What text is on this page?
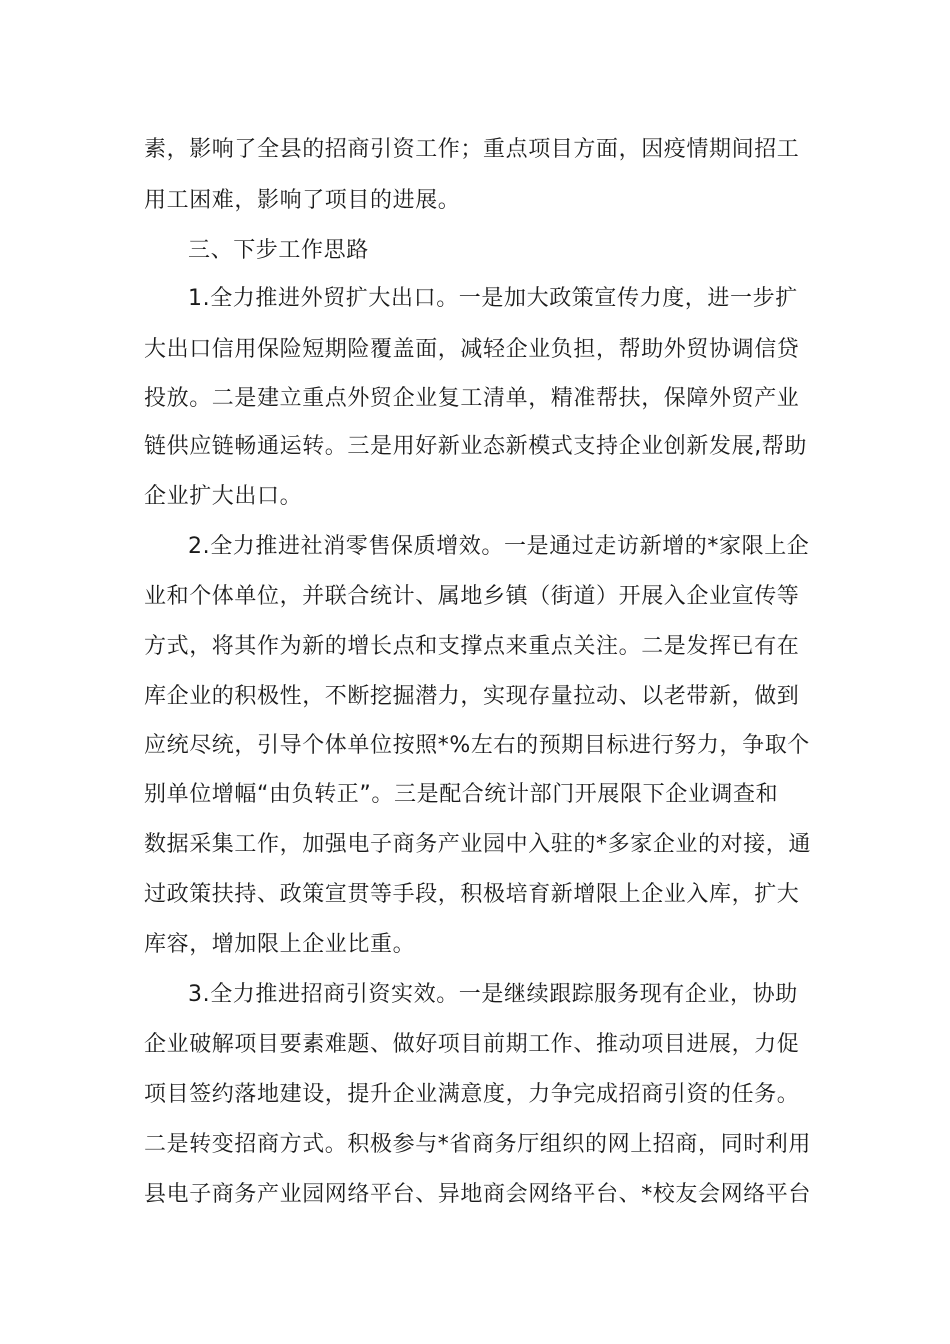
素，影响了全县的招商引资工作；重点项目方面，因疫情期间招工
用工困难，影响了项目的进展。
三、下步工作思路
1.全力推进外贸扩大出口。一是加大政策宣传力度，进一步扩
大出口信用保险短期险覆盖面，减轻企业负担，帮助外贸协调信贷
投放。二是建立重点外贸企业复工清单，精准帮扶，保障外贸产业
链供应链畅通运转。三是用好新业态新模式支持企业创新发展,帮助
企业扩大出口。
2.全力推进社消零售保质增效。一是通过走访新增的*家限上企
业和个体单位，并联合统计、属地乡镇（街道）开展入企业宣传等
方式，将其作为新的增长点和支撑点来重点关注。二是发挥已有在
库企业的积极性，不断挖掘潜力，实现存量拉动、以老带新，做到
应统尽统，引导个体单位按照*%左右的预期目标进行努力，争取个
别单位增幅“由负转正”。三是配合统计部门开展限下企业调查和
数据采集工作，加强电子商务产业园中入驻的*多家企业的对接，通
过政策扶持、政策宣贯等手段，积极培育新增限上企业入库，扩大
库容，增加限上企业比重。
3.全力推进招商引资实效。一是继续跟踪服务现有企业，协助
企业破解项目要素难题、做好项目前期工作、推动项目进展，力促
项目签约落地建设，提升企业满意度，力争完成招商引资的任务。
二是转变招商方式。积极参与*省商务厅组织的网上招商，同时利用
县电子商务产业园网络平台、异地商会网络平台、*校友会网络平台
